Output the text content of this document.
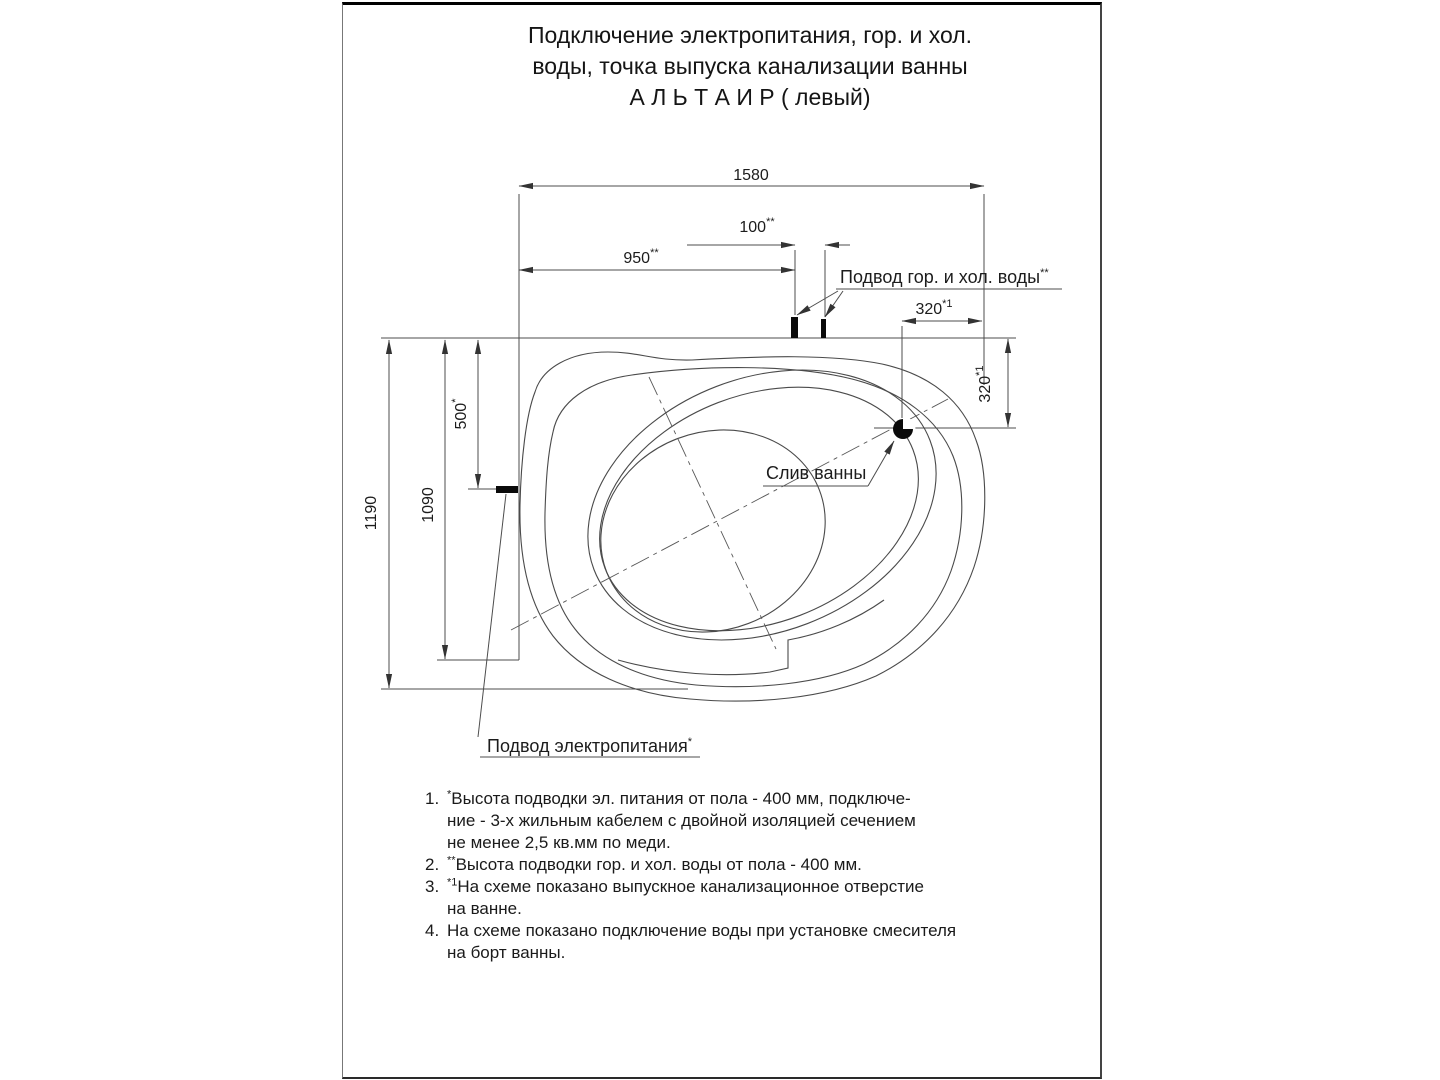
Подключение электропитания, гор. и хол.
воды, точка выпуска канализации ванны
А Л Ь Т А И Р ( левый)
1580
100**
950**
320$^{*1}$
320$^{*1}$
1190	1090
500*
Подвод гор. и хол. воды**
Слив ванны
Подвод электропитания*
1. *Высота подводки эл. питания от пола - 400 мм, подключе-
ние - 3-х жильным кабелем с двойной изоляцией сечением
не менее 2,5 кв.мм по меди.
2. **Высота подводки гор. и хол. воды от пола - 400 мм.
3. $^{*1}$На схеме показано выпускное канализационное отверстие
на ванне.
4. На схеме показано подключение воды при установке смесителя
на борт ванны.
